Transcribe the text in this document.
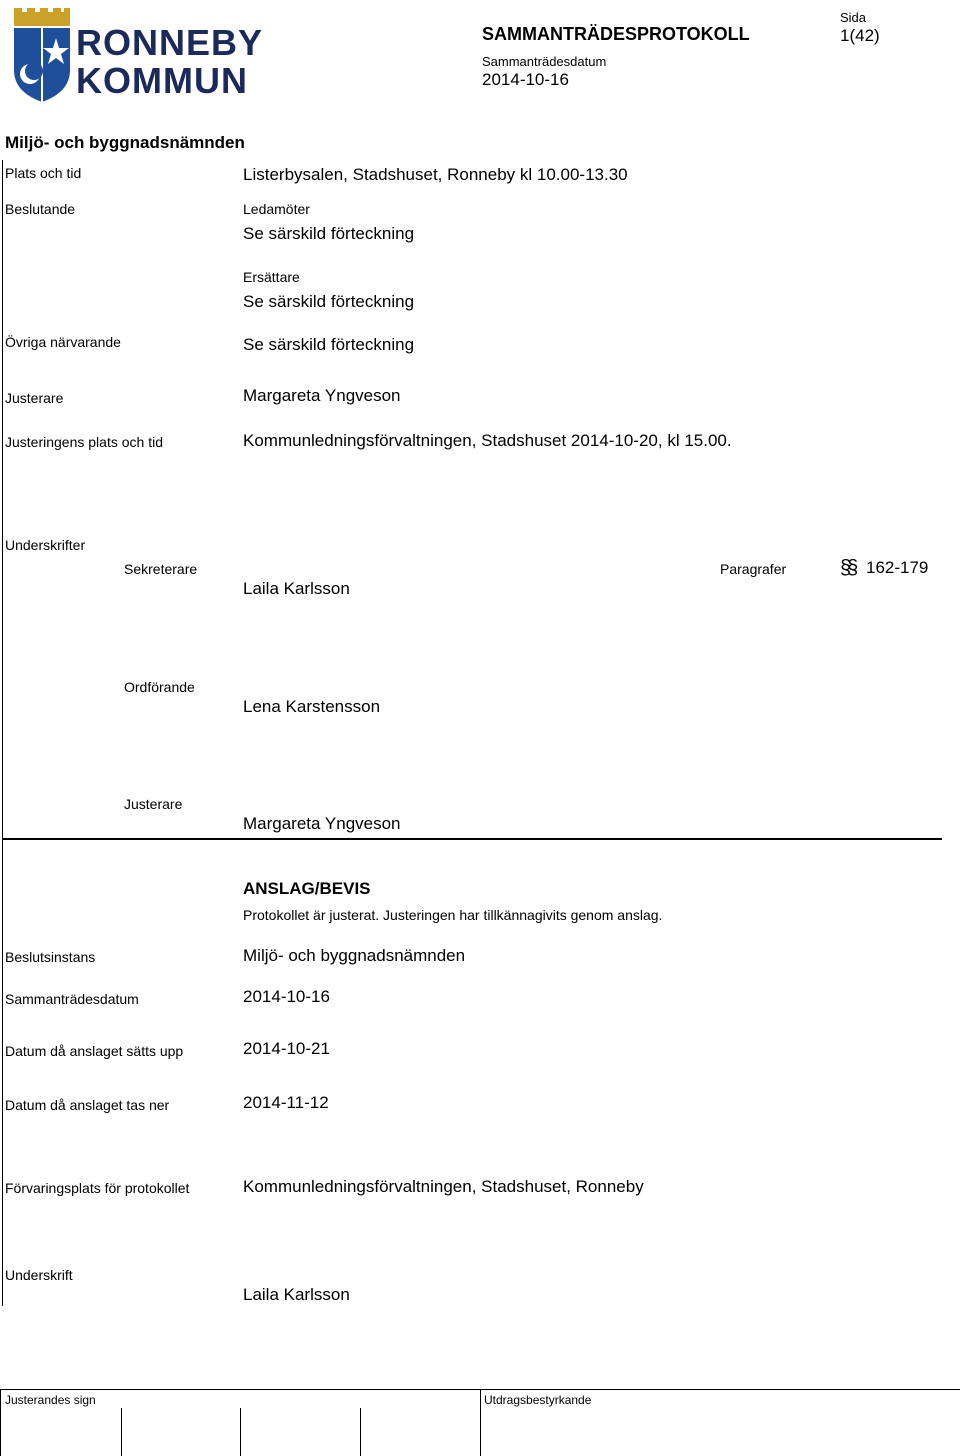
RONNEBY
KOMMUN
SAMMANTRÄDESPROTOKOLL
Sammanträdesdatum
2014-10-16
Sida
1(42)
Miljö- och byggnadsnämnden
Plats och tid	Listerbysalen, Stadshuset, Ronneby kl 10.00-13.30
Beslutande	Ledamöter
Se särskild förteckning
Ersättare
Se särskild förteckning
Övriga närvarande	Se särskild förteckning
Justerare	Margareta Yngveson
Justeringens plats och tid	Kommunledningsförvaltningen, Stadshuset 2014-10-20, kl 15.00.
Underskrifter
Sekreterare
Laila Karlsson
Paragrafer	§§ 162-179
Ordförande
Lena Karstensson
Justerare
Margareta Yngveson
ANSLAG/BEVIS
Protokollet är justerat. Justeringen har tillkännagivits genom anslag.
Beslutsinstans	Miljö- och byggnadsnämnden
Sammanträdesdatum	2014-10-16
Datum då anslaget sätts upp	2014-10-21
Datum då anslaget tas ner	2014-11-12
Förvaringsplats för protokollet	Kommunledningsförvaltningen, Stadshuset, Ronneby
Underskrift
Laila Karlsson
Justerandes sign	Utdragsbestyrkande
